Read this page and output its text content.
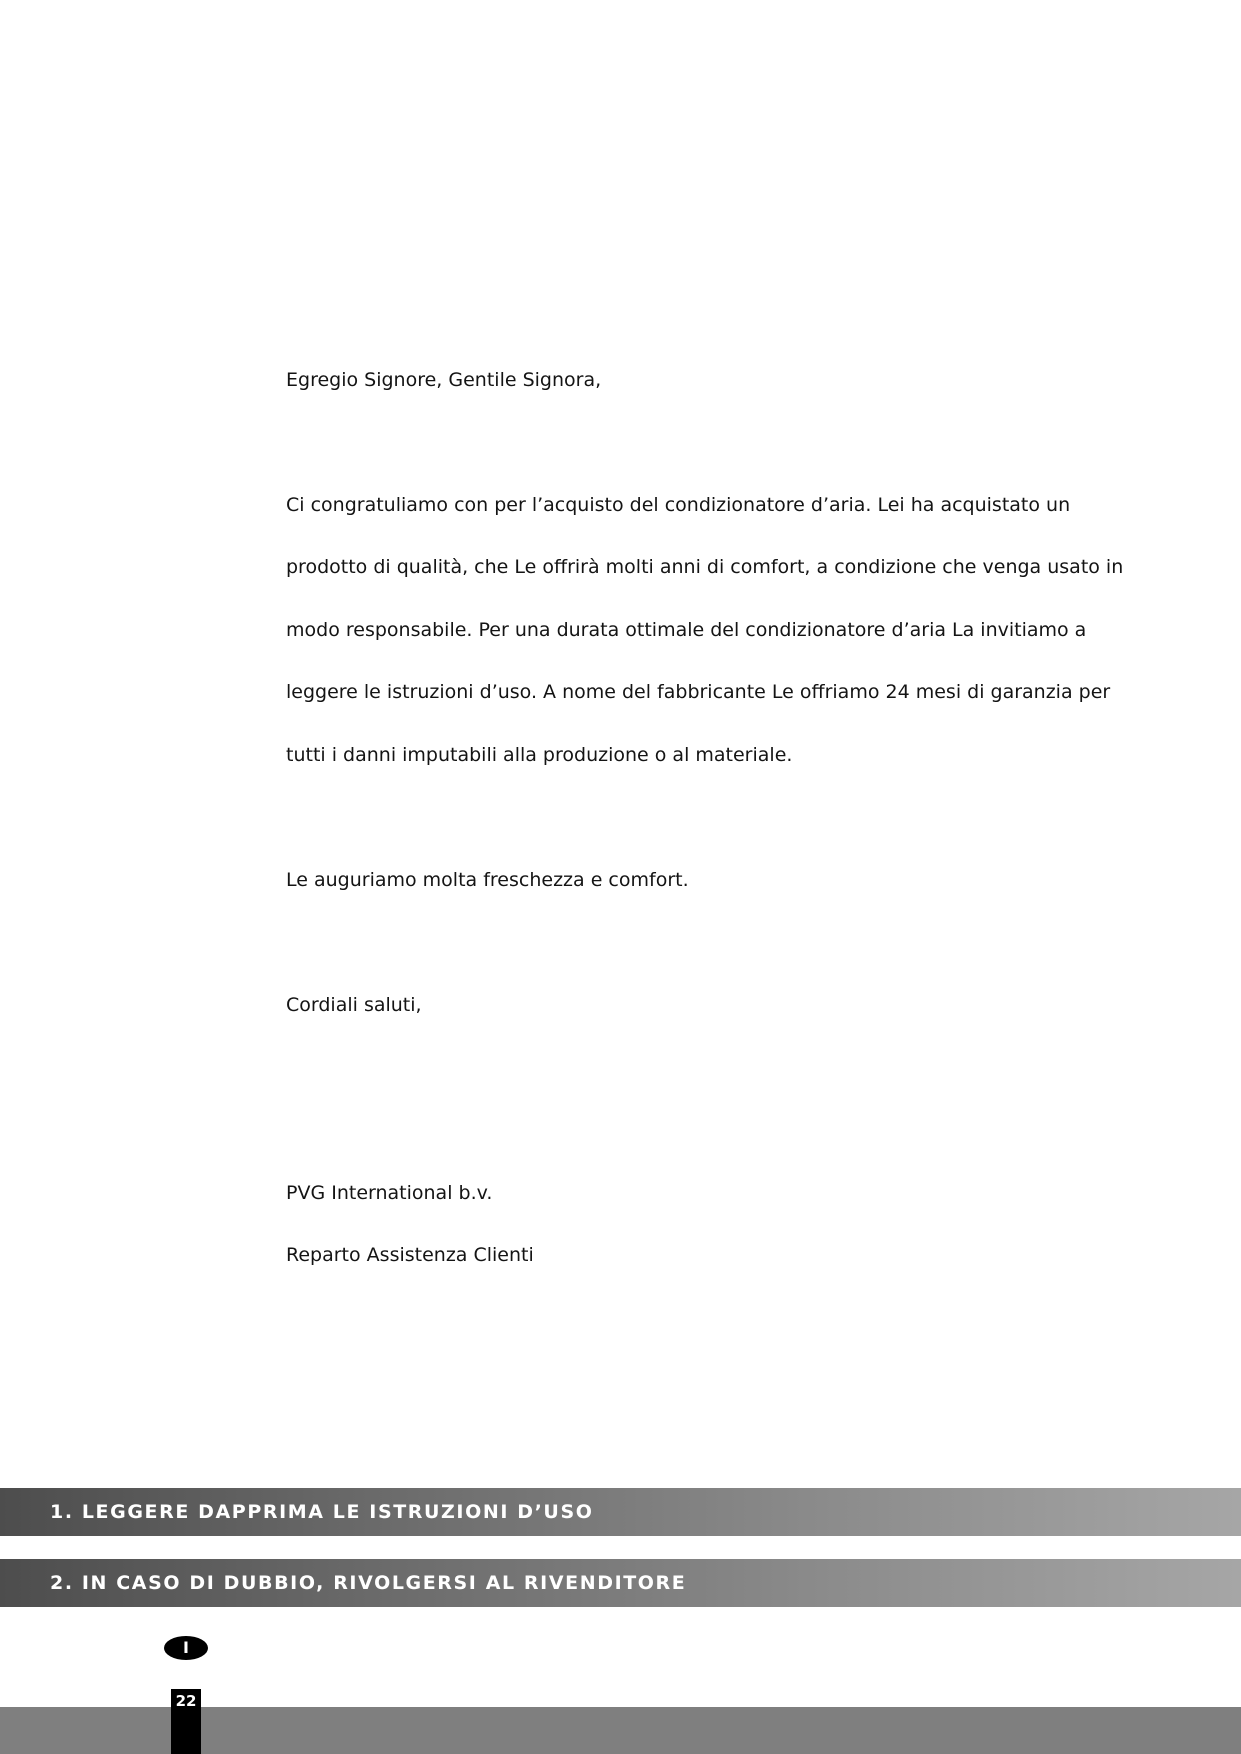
Egregio Signore, Gentile Signora,
Ci congratuliamo con per l’acquisto del condizionatore d’aria. Lei ha acquistato un
prodotto di qualità, che Le offrirà molti anni di comfort, a condizione che venga usato in
modo responsabile. Per una durata ottimale del condizionatore d’aria La invitiamo a
leggere le istruzioni d’uso. A nome del fabbricante Le offriamo 24 mesi di garanzia per
tutti i danni imputabili alla produzione o al materiale.
Le auguriamo molta freschezza e comfort.
Cordiali saluti,
PVG International b.v.
Reparto Assistenza Clienti
1. LEGGERE DAPPRIMA LE ISTRUZIONI D’USO
2. IN CASO DI DUBBIO, RIVOLGERSI AL RIVENDITORE
I
22
